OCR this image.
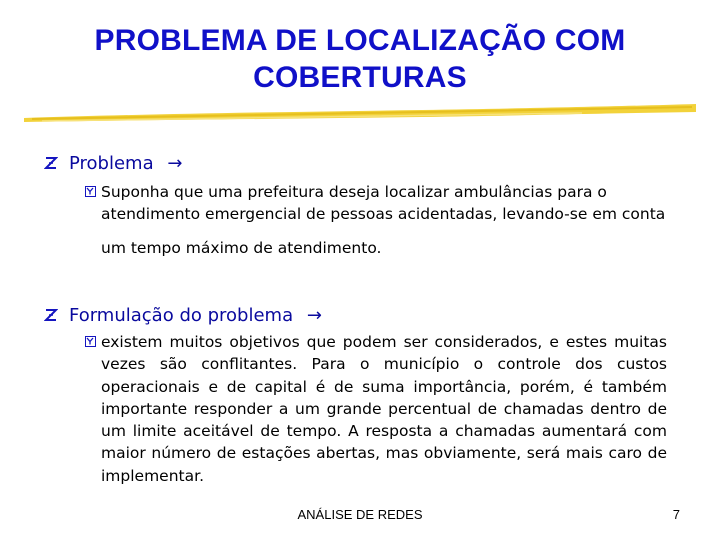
PROBLEMA DE LOCALIZAÇÃO COM
COBERTURAS
Problema →
Suponha que uma prefeitura deseja localizar ambulâncias para o
atendimento emergencial de pessoas acidentadas, levando-se em conta
um tempo máximo de atendimento.
Formulação do problema →
existem muitos objetivos que podem ser considerados, e estes muitas
vezes são conflitantes. Para o município o controle dos custos
operacionais e de capital é de suma importância, porém, é também
importante responder a um grande percentual de chamadas dentro de
um limite aceitável de tempo. A resposta a chamadas aumentará com
maior número de estações abertas, mas obviamente, será mais caro de
implementar.
ANÁLISE DE REDES	7
